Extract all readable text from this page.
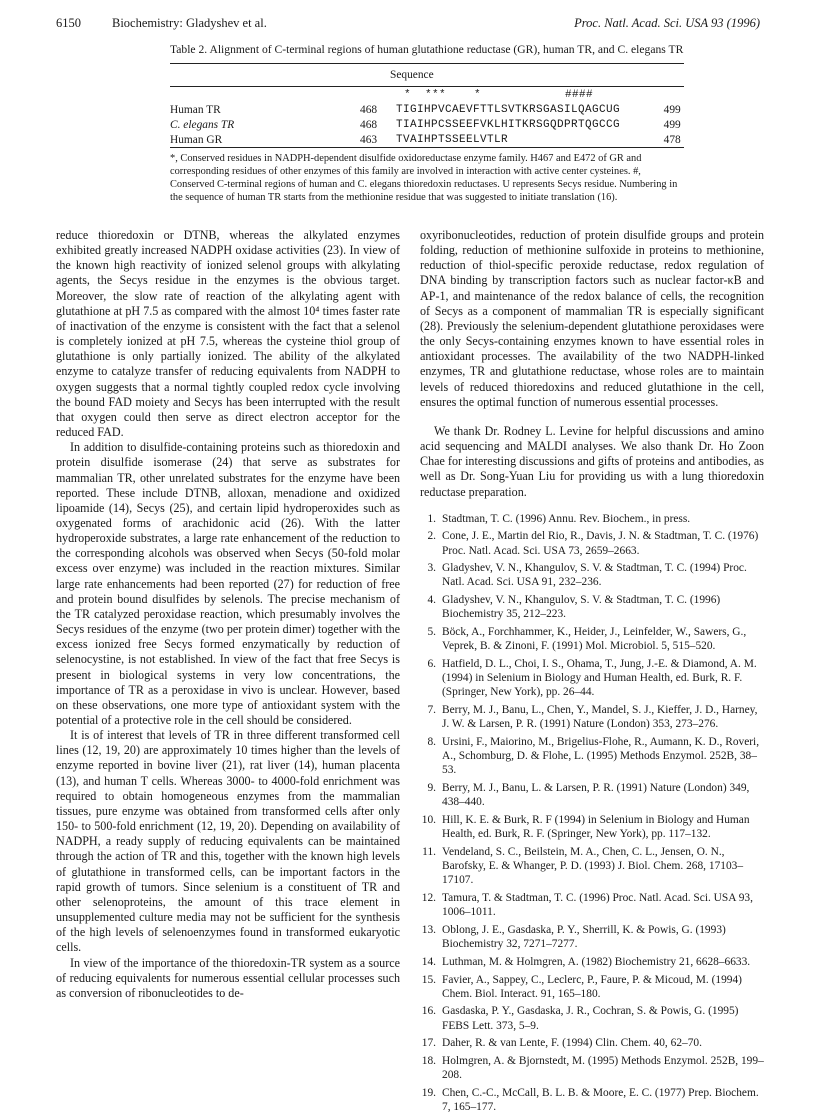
6150 Biochemistry: Gladyshev et al.	Proc. Natl. Acad. Sci. USA 93 (1996)

Table 2. Alignment of C-terminal regions of human glutathione reductase (GR), human TR, and C. elegans TR

		Sequence	
		*  ***    *            ####	
Human TR	468	TIGIHPVCAEVFTTLSVTKRSGASILQAGCUG	499
C. elegans TR	468	TIAIHPCSSEEFVKLHITKRSGQDPRTQGCCG	499
Human GR	463	TVAIHPTSSEELVTLR	478

*, Conserved residues in NADPH-dependent disulfide oxidoreductase enzyme family. H467 and E472 of GR and corresponding residues of other enzymes of this family are involved in interaction with active center cysteines. #, Conserved C-terminal regions of human and C. elegans thioredoxin reductases. U represents Secys residue. Numbering in the sequence of human TR starts from the methionine residue that was suggested to initiate translation (16).

reduce thioredoxin or DTNB, whereas the alkylated enzymes exhibited greatly increased NADPH oxidase activities (23). In view of the known high reactivity of ionized selenol groups with alkylating agents, the Secys residue in the enzymes is the obvious target. Moreover, the slow rate of reaction of the alkylating agent with glutathione at pH 7.5 as compared with the almost 10⁴ times faster rate of inactivation of the enzyme is consistent with the fact that a selenol is completely ionized at pH 7.5, whereas the cysteine thiol group of glutathione is only partially ionized. The ability of the alkylated enzyme to catalyze transfer of reducing equivalents from NADPH to oxygen suggests that a normal tightly coupled redox cycle involving the bound FAD moiety and Secys has been interrupted with the result that oxygen could then serve as direct electron acceptor for the reduced FAD.

In addition to disulfide-containing proteins such as thioredoxin and protein disulfide isomerase (24) that serve as substrates for mammalian TR, other unrelated substrates for the enzyme have been reported. These include DTNB, alloxan, menadione and oxidized lipoamide (14), Secys (25), and certain lipid hydroperoxides such as oxygenated forms of arachidonic acid (26). With the latter hydroperoxide substrates, a large rate enhancement of the reduction to the corresponding alcohols was observed when Secys (50-fold molar excess over enzyme) was included in the reaction mixtures. Similar large rate enhancements had been reported (27) for reduction of free and protein bound disulfides by selenols. The precise mechanism of the TR catalyzed peroxidase reaction, which presumably involves the Secys residues of the enzyme (two per protein dimer) together with the excess ionized free Secys formed enzymatically by reduction of selenocystine, is not established. In view of the fact that free Secys is present in biological systems in very low concentrations, the importance of TR as a peroxidase in vivo is unclear. However, based on these observations, one more type of antioxidant system with the potential of a protective role in the cell should be considered.

It is of interest that levels of TR in three different transformed cell lines (12, 19, 20) are approximately 10 times higher than the levels of enzyme reported in bovine liver (21), rat liver (14), human placenta (13), and human T cells. Whereas 3000- to 4000-fold enrichment was required to obtain homogeneous enzymes from the mammalian tissues, pure enzyme was obtained from transformed cells after only 150- to 500-fold enrichment (12, 19, 20). Depending on availability of NADPH, a ready supply of reducing equivalents can be maintained through the action of TR and this, together with the known high levels of glutathione in transformed cells, can be important factors in the rapid growth of tumors. Since selenium is a constituent of TR and other selenoproteins, the amount of this trace element in unsupplemented culture media may not be sufficient for the synthesis of the high levels of selenoenzymes found in transformed eukaryotic cells.

In view of the importance of the thioredoxin-TR system as a source of reducing equivalents for numerous essential cellular processes such as conversion of ribonucleotides to de-

oxyribonucleotides, reduction of protein disulfide groups and protein folding, reduction of methionine sulfoxide in proteins to methionine, reduction of thiol-specific peroxide reductase, redox regulation of DNA binding by transcription factors such as nuclear factor-κB and AP-1, and maintenance of the redox balance of cells, the recognition of Secys as a component of mammalian TR is especially significant (28). Previously the selenium-dependent glutathione peroxidases were the only Secys-containing enzymes known to have essential roles in antioxidant processes. The availability of the two NADPH-linked enzymes, TR and glutathione reductase, whose roles are to maintain levels of reduced thioredoxins and reduced glutathione in the cell, ensures the optimal function of numerous essential processes.

We thank Dr. Rodney L. Levine for helpful discussions and amino acid sequencing and MALDI analyses. We also thank Dr. Ho Zoon Chae for interesting discussions and gifts of proteins and antibodies, as well as Dr. Song-Yuan Liu for providing us with a lung thioredoxin reductase preparation.

1. Stadtman, T. C. (1996) Annu. Rev. Biochem., in press.
2. Cone, J. E., Martin del Rio, R., Davis, J. N. & Stadtman, T. C. (1976) Proc. Natl. Acad. Sci. USA 73, 2659–2663.
3. Gladyshev, V. N., Khangulov, S. V. & Stadtman, T. C. (1994) Proc. Natl. Acad. Sci. USA 91, 232–236.
4. Gladyshev, V. N., Khangulov, S. V. & Stadtman, T. C. (1996) Biochemistry 35, 212–223.
5. Böck, A., Forchhammer, K., Heider, J., Leinfelder, W., Sawers, G., Veprek, B. & Zinoni, F. (1991) Mol. Microbiol. 5, 515–520.
6. Hatfield, D. L., Choi, I. S., Ohama, T., Jung, J.-E. & Diamond, A. M. (1994) in Selenium in Biology and Human Health, ed. Burk, R. F. (Springer, New York), pp. 26–44.
7. Berry, M. J., Banu, L., Chen, Y., Mandel, S. J., Kieffer, J. D., Harney, J. W. & Larsen, P. R. (1991) Nature (London) 353, 273–276.
8. Ursini, F., Maiorino, M., Brigelius-Flohe, R., Aumann, K. D., Roveri, A., Schomburg, D. & Flohe, L. (1995) Methods Enzymol. 252B, 38–53.
9. Berry, M. J., Banu, L. & Larsen, P. R. (1991) Nature (London) 349, 438–440.
10. Hill, K. E. & Burk, R. F (1994) in Selenium in Biology and Human Health, ed. Burk, R. F. (Springer, New York), pp. 117–132.
11. Vendeland, S. C., Beilstein, M. A., Chen, C. L., Jensen, O. N., Barofsky, E. & Whanger, P. D. (1993) J. Biol. Chem. 268, 17103–17107.
12. Tamura, T. & Stadtman, T. C. (1996) Proc. Natl. Acad. Sci. USA 93, 1006–1011.
13. Oblong, J. E., Gasdaska, P. Y., Sherrill, K. & Powis, G. (1993) Biochemistry 32, 7271–7277.
14. Luthman, M. & Holmgren, A. (1982) Biochemistry 21, 6628–6633.
15. Favier, A., Sappey, C., Leclerc, P., Faure, P. & Micoud, M. (1994) Chem. Biol. Interact. 91, 165–180.
16. Gasdaska, P. Y., Gasdaska, J. R., Cochran, S. & Powis, G. (1995) FEBS Lett. 373, 5–9.
17. Daher, R. & van Lente, F. (1994) Clin. Chem. 40, 62–70.
18. Holmgren, A. & Bjornstedt, M. (1995) Methods Enzymol. 252B, 199–208.
19. Chen, C.-C., McCall, B. L. B. & Moore, E. C. (1977) Prep. Biochem. 7, 165–177.
